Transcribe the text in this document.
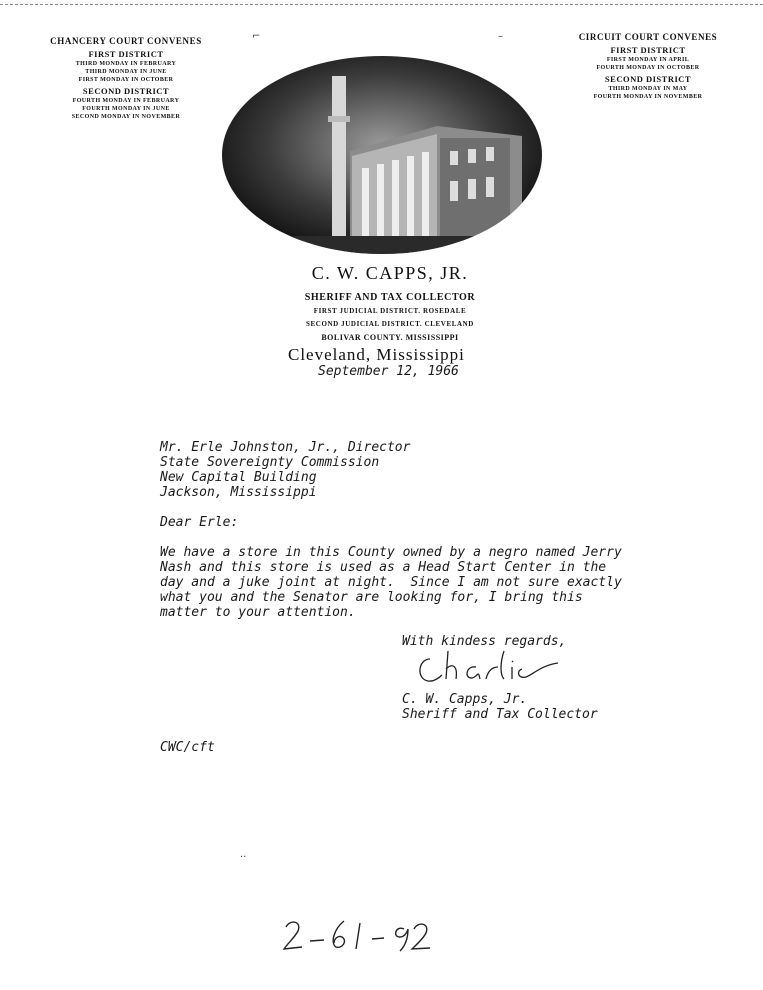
CHANCERY COURT CONVENES
FIRST DISTRICT
THIRD MONDAY IN FEBRUARY
THIRD MONDAY IN JUNE
FIRST MONDAY IN OCTOBER
SECOND DISTRICT
FOURTH MONDAY IN FEBRUARY
FOURTH MONDAY IN JUNE
SECOND MONDAY IN NOVEMBER
CIRCUIT COURT CONVENES
FIRST DISTRICT
FIRST MONDAY IN APRIL
FOURTH MONDAY IN OCTOBER
SECOND DISTRICT
THIRD MONDAY IN MAY
FOURTH MONDAY IN NOVEMBER
C. W. CAPPS, JR.
SHERIFF AND TAX COLLECTOR
FIRST JUDICIAL DISTRICT. ROSEDALE
SECOND JUDICIAL DISTRICT. CLEVELAND
BOLIVAR COUNTY. MISSISSIPPI
Cleveland, Mississippi
September 12, 1966
Mr. Erle Johnston, Jr., Director
State Sovereignty Commission
New Capital Building
Jackson, Mississippi
Dear Erle:
We have a store in this County owned by a negro named Jerry
Nash and this store is used as a Head Start Center in the
day and a juke joint at night.  Since I am not sure exactly
what you and the Senator are looking for, I bring this
matter to your attention.
With kindess regards,
C. W. Capps, Jr.
Sheriff and Tax Collector
CWC/cft
⌐	–
··
